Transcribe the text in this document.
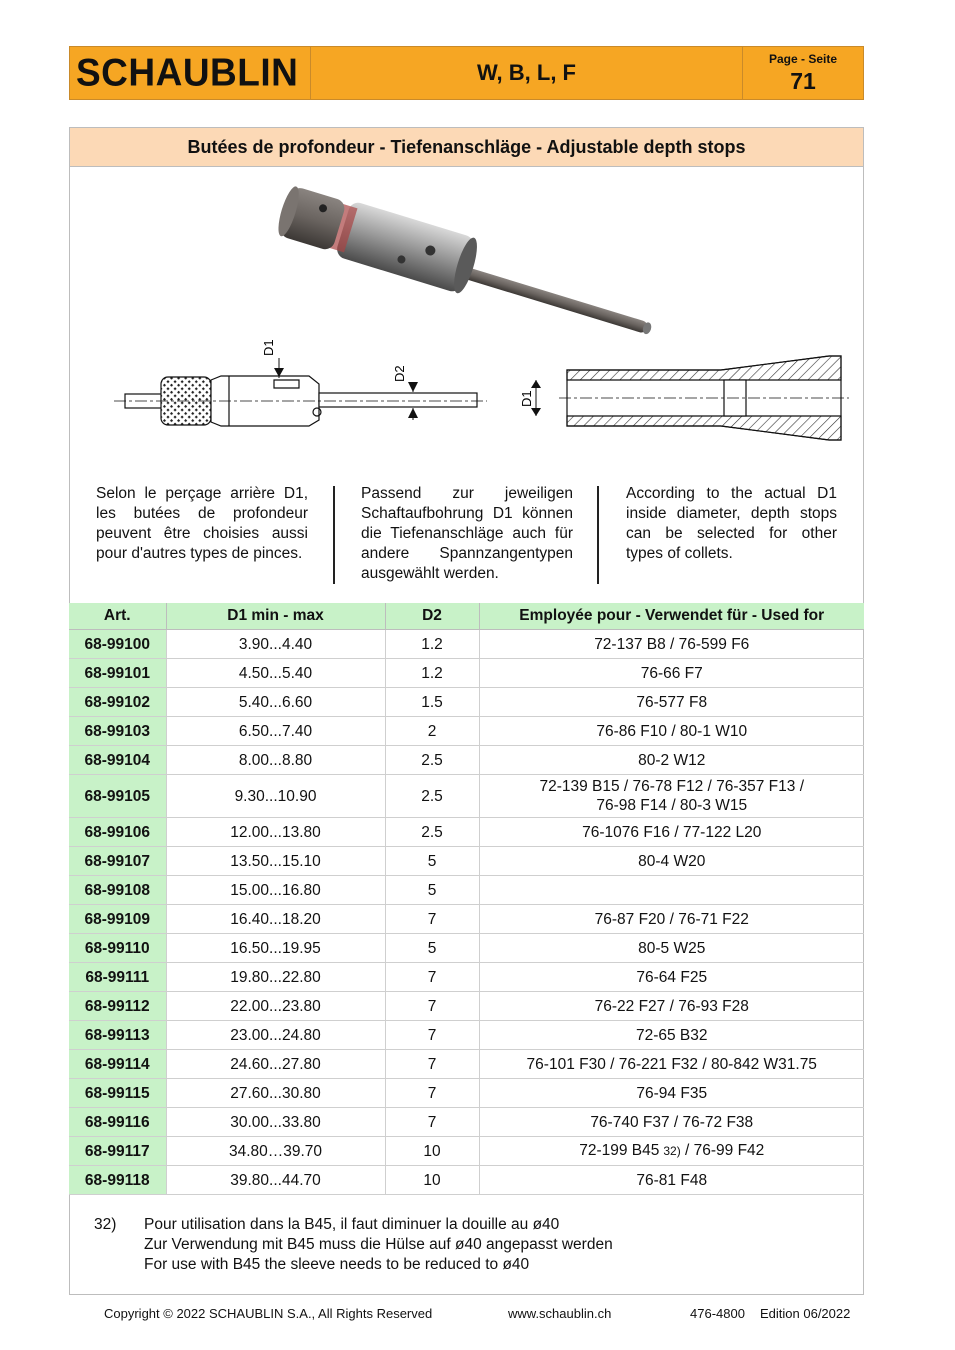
SCHAUBLIN	W, B, L, F
Page - Seite
71
Butées de profondeur - Tiefenanschläge - Adjustable depth stops
D1
D2
D1
Selon le perçage arrière D1, les butées de profondeur peuvent être choisies aussi pour d'autres types de pinces.
Passend zur jeweiligen Schaftaufbohrung D1 können die Tiefenanschläge auch für andere Spannzangentypen ausgewählt werden.
According to the actual D1 inside diameter, depth stops can be selected for other types of collets.
Art.	D1 min - max	D2	Employée pour - Verwendet für - Used for
68-99100	3.90...4.40	1.2	72-137 B8 / 76-599 F6
68-99101	4.50...5.40	1.2	76-66 F7
68-99102	5.40...6.60	1.5	76-577 F8
68-99103	6.50...7.40	2	76-86 F10 / 80-1 W10
68-99104	8.00...8.80	2.5	80-2 W12
68-99105	9.30...10.90	2.5	72-139 B15 / 76-78 F12 / 76-357 F13 /
76-98 F14 / 80-3 W15
68-99106	12.00...13.80	2.5	76-1076 F16 / 77-122 L20
68-99107	13.50...15.10	5	80-4 W20
68-99108	15.00...16.80	5	
68-99109	16.40...18.20	7	76-87 F20 / 76-71 F22
68-99110	16.50...19.95	5	80-5 W25
68-99111	19.80...22.80	7	76-64 F25
68-99112	22.00...23.80	7	76-22 F27 / 76-93 F28
68-99113	23.00...24.80	7	72-65 B32
68-99114	24.60...27.80	7	76-101 F30 / 76-221 F32 / 80-842 W31.75
68-99115	27.60...30.80	7	76-94 F35
68-99116	30.00...33.80	7	76-740 F37 / 76-72 F38
68-99117	34.80…39.70	10	72-199 B45 32) / 76-99 F42
68-99118	39.80...44.70	10	76-81 F48
32) Pour utilisation dans la B45, il faut diminuer la douille au ø40
Zur Verwendung mit B45 muss die Hülse auf ø40 angepasst werden
For use with B45 the sleeve needs to be reduced to ø40
Copyright © 2022 SCHAUBLIN S.A., All Rights Reserved	www.schaublin.ch	476-4800 Edition 06/2022
